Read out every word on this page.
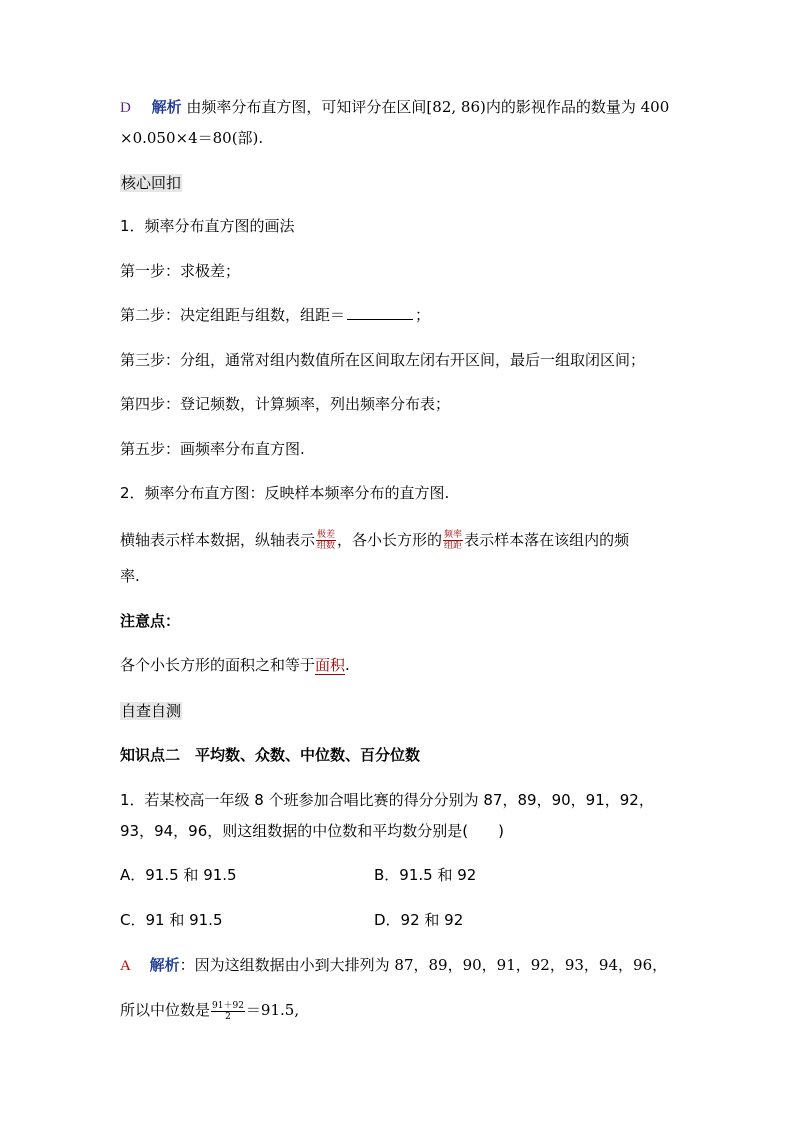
D 解析 由频率分布直方图，可知评分在区间[82, 86)内的影视作品的数量为 400
×0.050×4＝80(部).
核心回扣
1．频率分布直方图的画法
第一步：求极差；
第二步：决定组距与组数，组距＝	；
第三步：分组，通常对组内数值所在区间取左闭右开区间，最后一组取闭区间；
第四步：登记频数，计算频率，列出频率分布表；
第五步：画频率分布直方图.
2．频率分布直方图：反映样本频率分布的直方图.
横轴表示样本数据，纵轴表示 $\frac{\text{极差}}{\text{组数}}$ ，各小长方形的 $\frac{\text{频率}}{\text{组距}}$ 表示样本落在该组内的频
率.
注意点：
各个小长方形的面积之和等于面积.
自查自测
知识点二　平均数、众数、中位数、百分位数
1．若某校高一年级 8 个班参加合唱比赛的得分分别为 87，89，90，91，92，
93，94，96，则这组数据的中位数和平均数分别是( )
A．91.5 和 91.5	B．91.5 和 92
C．91 和 91.5	D．92 和 92
A 解析：因为这组数据由小到大排列为 87，89，90，91，92，93，94，96，
所以中位数是 $\frac{91+92}{2} =91.5$,
